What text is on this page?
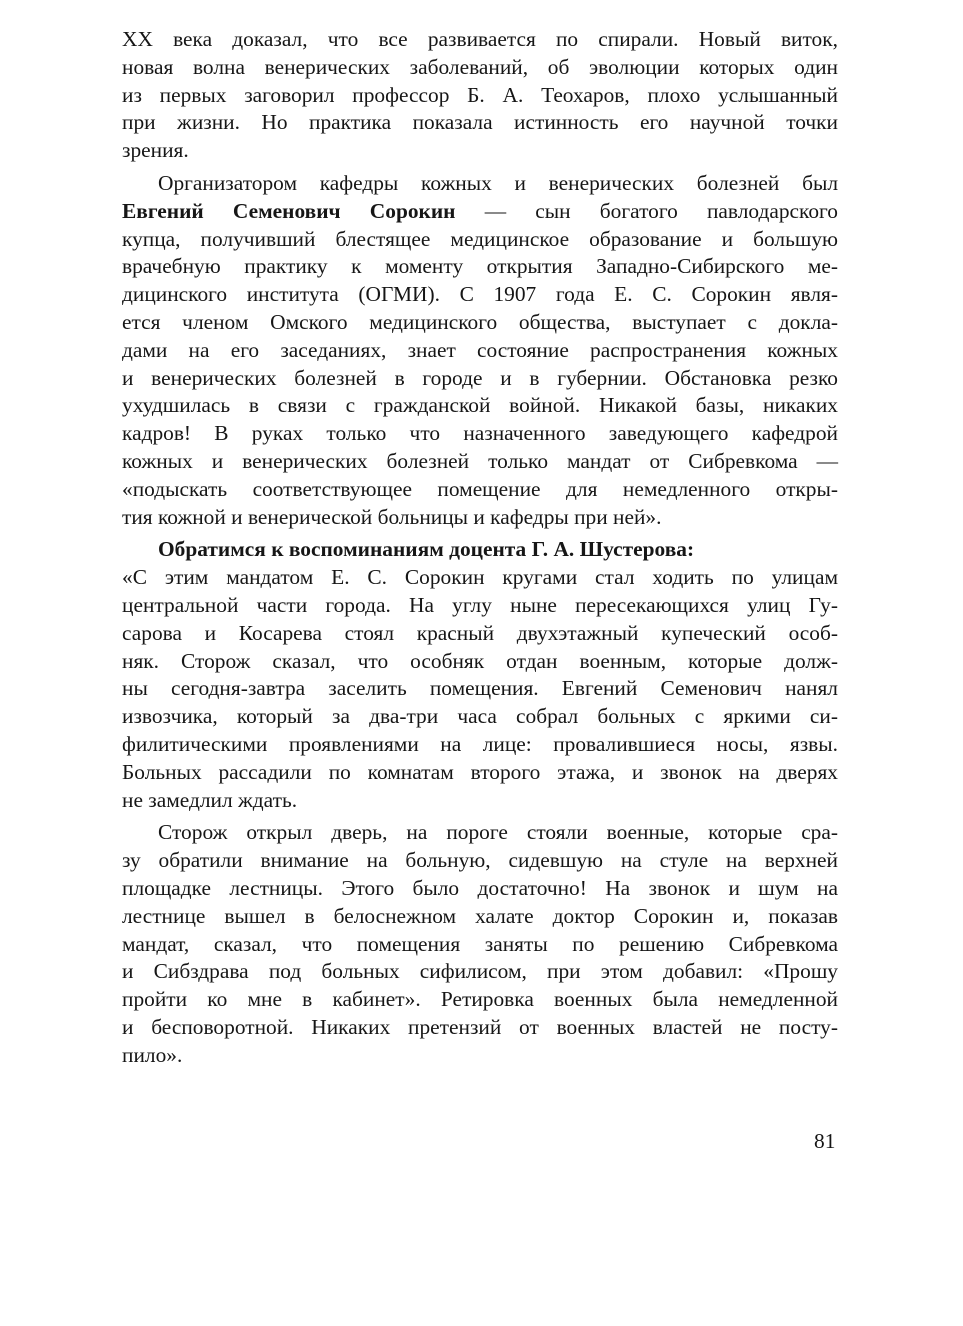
XX века доказал, что все развивается по спирали. Новый виток,
новая волна венерических заболеваний, об эволюции которых один
из первых заговорил профессор Б. А. Теохаров, плохо услышанный
при жизни. Но практика показала истинность его научной точки
зрения.
Организатором кафедры кожных и венерических болезней был
Евгений Семенович Сорокин — сын богатого павлодарского
купца, получивший блестящее медицинское образование и большую
врачебную практику к моменту открытия Западно-Сибирского ме-
дицинского института (ОГМИ). С 1907 года Е. С. Сорокин явля-
ется членом Омского медицинского общества, выступает с докла-
дами на его заседаниях, знает состояние распространения кожных
и венерических болезней в городе и в губернии. Обстановка резко
ухудшилась в связи с гражданской войной. Никакой базы, никаких
кадров! В руках только что назначенного заведующего кафедрой
кожных и венерических болезней только мандат от Сибревкома —
«подыскать соответствующее помещение для немедленного откры-
тия кожной и венерической больницы и кафедры при ней».
Обратимся к воспоминаниям доцента Г. А. Шустерова:
«С этим мандатом Е. С. Сорокин кругами стал ходить по улицам
центральной части города. На углу ныне пересекающихся улиц Гу-
сарова и Косарева стоял красный двухэтажный купеческий особ-
няк. Сторож сказал, что особняк отдан военным, которые долж-
ны сегодня-завтра заселить помещения. Евгений Семенович нанял
извозчика, который за два-три часа собрал больных с яркими си-
филитическими проявлениями на лице: провалившиеся носы, язвы.
Больных рассадили по комнатам второго этажа, и звонок на дверях
не замедлил ждать.
Сторож открыл дверь, на пороге стояли военные, которые сра-
зу обратили внимание на больную, сидевшую на стуле на верхней
площадке лестницы. Этого было достаточно! На звонок и шум на
лестнице вышел в белоснежном халате доктор Сорокин и, показав
мандат, сказал, что помещения заняты по решению Сибревкома
и Сибздрава под больных сифилисом, при этом добавил: «Прошу
пройти ко мне в кабинет». Ретировка военных была немедленной
и бесповоротной. Никаких претензий от военных властей не посту-
пило».
81
